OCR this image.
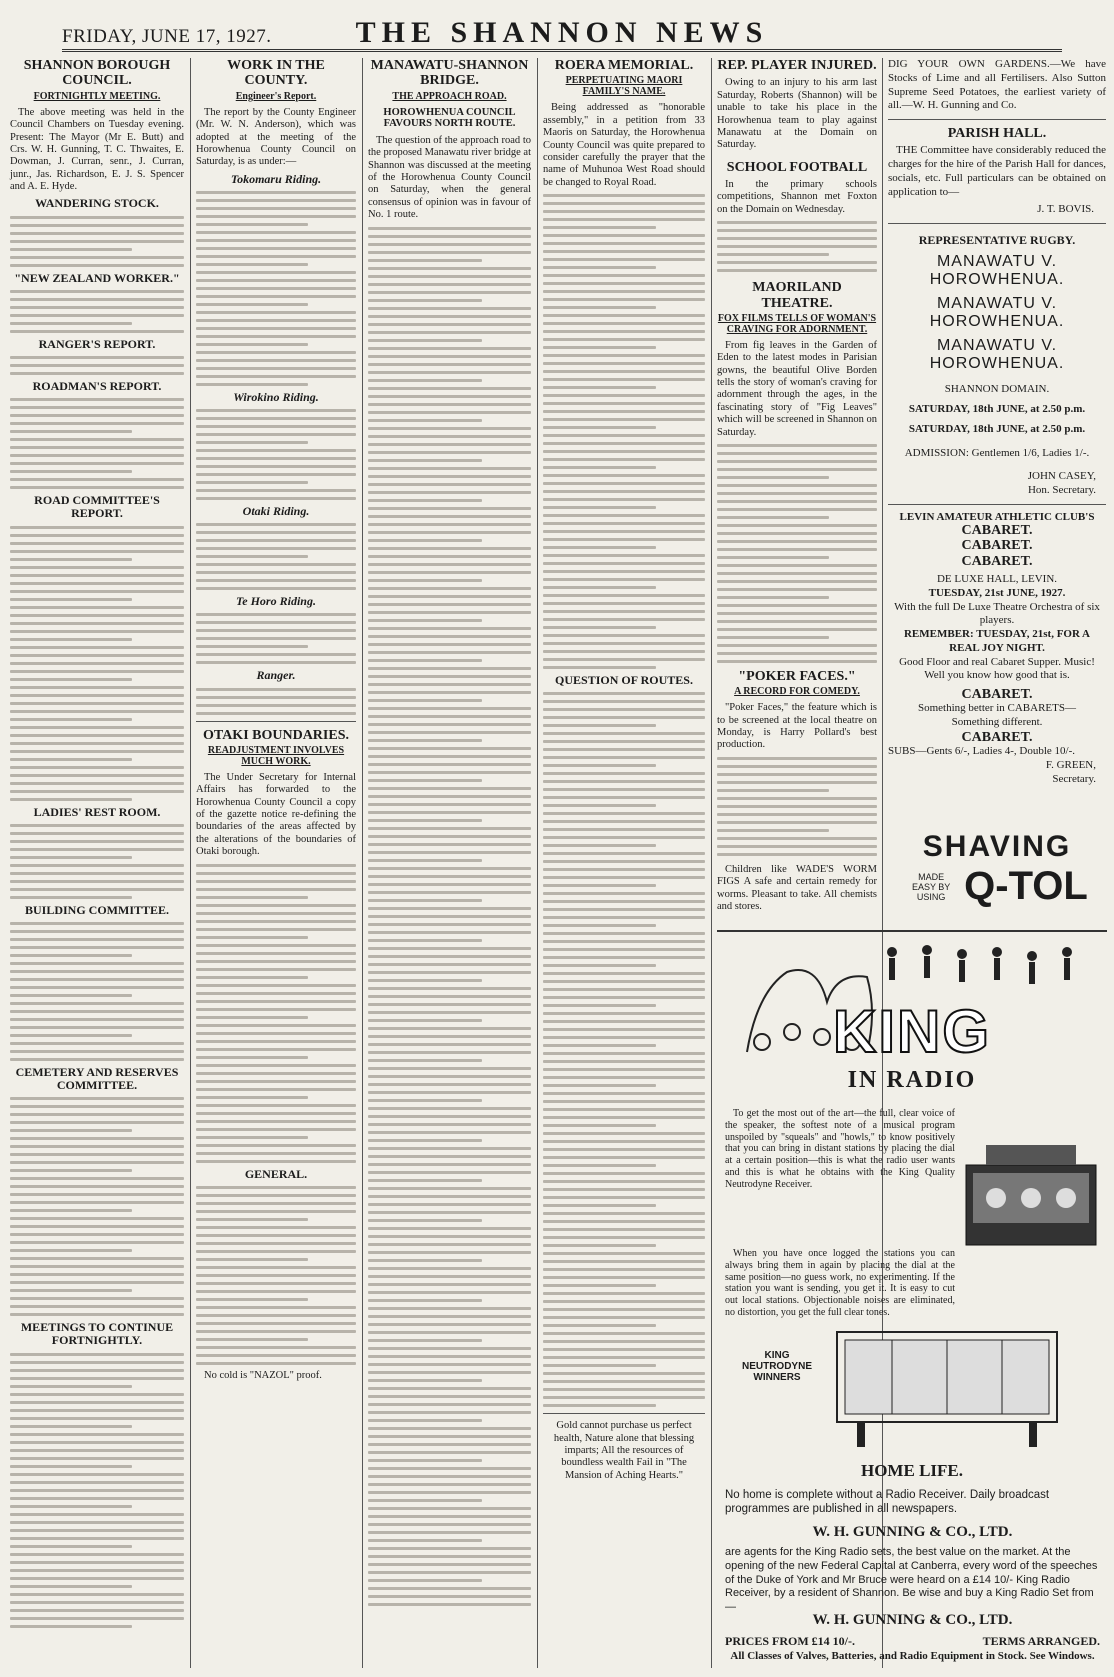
FRIDAY, JUNE 17, 1927.	THE SHANNON NEWS
SHANNON BOROUGH COUNCIL.
FORTNIGHTLY MEETING.

The above meeting was held in the Council Chambers on Tuesday evening. Present: The Mayor (Mr E. Butt) and Crs. W. H. Gunning, T. C. Thwaites, E. Dowman, J. Curran, senr., J. Curran, junr., Jas. Richardson, E. J. S. Spencer and A. E. Hyde.

WANDERING STOCK.
"NEW ZEALAND WORKER."
RANGER'S REPORT.
ROADMAN'S REPORT.
ROAD COMMITTEE'S REPORT.
LADIES' REST ROOM.
BUILDING COMMITTEE.
CEMETERY AND RESERVES COMMITTEE.
MEETINGS TO CONTINUE FORTNIGHTLY.
WORK IN THE COUNTY.
Engineer's Report.

The report by the County Engineer (Mr. W. N. Anderson), which was adopted at the meeting of the Horowhenua County Council on Saturday, is as under:—

Tokomaru Riding.
Wirokino Riding.
Otaki Riding.
Te Horo Riding.
Ranger.
OTAKI BOUNDARIES.
READJUSTMENT INVOLVES MUCH WORK.

The Under Secretary for Internal Affairs has forwarded to the Horowhenua County Council a copy of the gazette notice re-defining the boundaries of the areas affected by the alterations of the boundaries of Otaki borough.

GENERAL.

No cold is "NAZOL" proof.

MANAWATU-SHANNON BRIDGE.
THE APPROACH ROAD.
HOROWHENUA COUNCIL FAVOURS NORTH ROUTE.

The question of the approach road to the proposed Manawatu river bridge at Shannon was discussed at the meeting of the Horowhenua County Council on Saturday, when the general consensus of opinion was in favour of No. 1 route.

ROERA MEMORIAL.
PERPETUATING MAORI FAMILY'S NAME.

Being addressed as "honorable assembly," in a petition from 33 Maoris on Saturday, the Horowhenua County Council was quite prepared to consider carefully the prayer that the name of Muhunoa West Road should be changed to Royal Road.

QUESTION OF ROUTES.

Gold cannot purchase us perfect health, Nature alone that blessing imparts; All the resources of boundless wealth Fail in "The Mansion of Aching Hearts."

REP. PLAYER INJURED.

Owing to an injury to his arm last Saturday, Roberts (Shannon) will be unable to take his place in the Horowhenua team to play against Manawatu at the Domain on Saturday.

SCHOOL FOOTBALL

In the primary schools competitions, Shannon met Foxton on the Domain on Wednesday.

MAORILAND THEATRE.
FOX FILMS TELLS OF WOMAN'S CRAVING FOR ADORNMENT.

From fig leaves in the Garden of Eden to the latest modes in Parisian gowns, the beautiful Olive Borden tells the story of woman's craving for adornment through the ages, in the fascinating story of "Fig Leaves" which will be screened in Shannon on Saturday.

"POKER FACES."
A RECORD FOR COMEDY.

"Poker Faces," the feature which is to be screened at the local theatre on Monday, is Harry Pollard's best production.

Children like WADE'S WORM FIGS A safe and certain remedy for worms. Pleasant to take. All chemists and stores.

DIG YOUR OWN GARDENS.—We have Stocks of Lime and all Fertilisers. Also Sutton Supreme Seed Potatoes, the earliest variety of all.—W. H. Gunning and Co.

PARISH HALL.

THE Committee have considerably reduced the charges for the hire of the Parish Hall for dances, socials, etc. Full particulars can be obtained on application to—

J. T. BOVIS.
REPRESENTATIVE RUGBY.
MANAWATU V. HOROWHENUA.
MANAWATU V. HOROWHENUA.
MANAWATU V. HOROWHENUA.
SHANNON DOMAIN.
SATURDAY, 18th JUNE, at 2.50 p.m.
SATURDAY, 18th JUNE, at 2.50 p.m.
ADMISSION: Gentlemen 1/6, Ladies 1/-.
JOHN CASEY,
Hon. Secretary.
LEVIN AMATEUR ATHLETIC CLUB'S
CABARET.
CABARET.
CABARET.
DE LUXE HALL, LEVIN.
TUESDAY, 21st JUNE, 1927.
With the full De Luxe Theatre Orchestra of six players.
REMEMBER: TUESDAY, 21st, FOR A REAL JOY NIGHT.
Good Floor and real Cabaret Supper. Music! Well you know how good that is.
CABARET.
Something better in CABARETS—
Something different.
CABARET.
SUBS—Gents 6/-, Ladies 4-, Double 10/-.
F. GREEN,
Secretary.
SHAVING
MADE EASY BY USING Q-TOL
KING
IN RADIO

To get the most out of the art—the full, clear voice of the speaker, the softest note of a musical program unspoiled by "squeals" and "howls," to know positively that you can bring in distant stations by placing the dial at a certain position—this is what the radio user wants and this is what he obtains with the King Quality Neutrodyne Receiver.

When you have once logged the stations you can always bring them in again by placing the dial at the same position—no guess work, no experimenting. If the station you want is sending, you get it. It is easy to cut out local stations. Objectionable noises are eliminated, no distortion, you get the full clear tones.

KING NEUTRODYNE WINNERS
HOME LIFE.

No home is complete without a Radio Receiver. Daily broadcast programmes are published in all newspapers.

W. H. GUNNING & CO., LTD.

are agents for the King Radio sets, the best value on the market. At the opening of the new Federal Capital at Canberra, every word of the speeches of the Duke of York and Mr Bruce were heard on a £14 10/- King Radio Receiver, by a resident of Shannon. Be wise and buy a King Radio Set from—

W. H. GUNNING & CO., LTD.
PRICES FROM £14 10/-.	TERMS ARRANGED.
All Classes of Valves, Batteries, and Radio Equipment in Stock. See Windows.
